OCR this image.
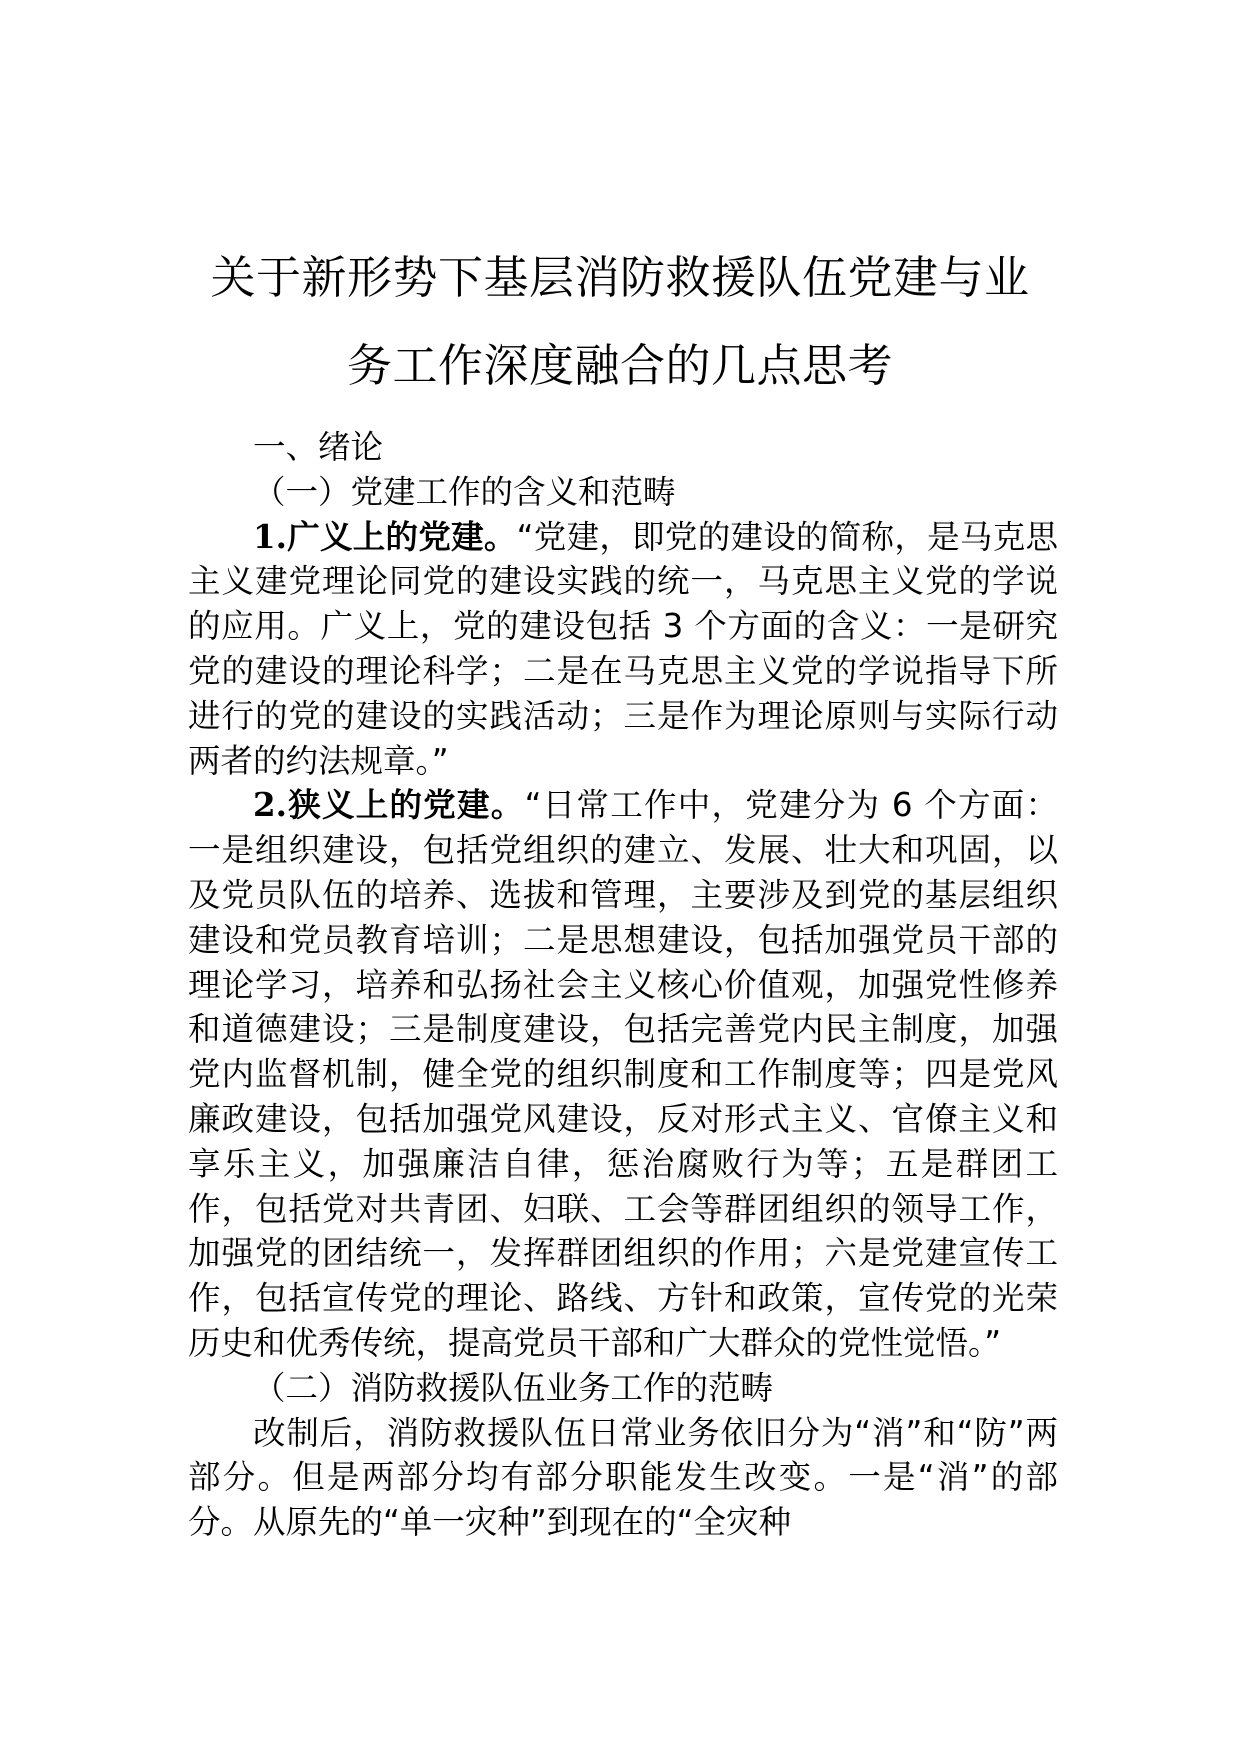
关于新形势下基层消防救援队伍党建与业
务工作深度融合的几点思考

一、绪论

（一）党建工作的含义和范畴

1.广义上的党建。“党建，即党的建设的简称，是马克思主义建党理论同党的建设实践的统一，马克思主义党的学说的应用。广义上，党的建设包括 3 个方面的含义：一是研究党的建设的理论科学；二是在马克思主义党的学说指导下所进行的党的建设的实践活动；三是作为理论原则与实际行动两者的约法规章。”

2.狭义上的党建。“日常工作中，党建分为 6 个方面：一是组织建设，包括党组织的建立、发展、壮大和巩固，以及党员队伍的培养、选拔和管理，主要涉及到党的基层组织建设和党员教育培训；二是思想建设，包括加强党员干部的理论学习，培养和弘扬社会主义核心价值观，加强党性修养和道德建设；三是制度建设，包括完善党内民主制度，加强党内监督机制，健全党的组织制度和工作制度等；四是党风廉政建设，包括加强党风建设，反对形式主义、官僚主义和享乐主义，加强廉洁自律，惩治腐败行为等；五是群团工作，包括党对共青团、妇联、工会等群团组织的领导工作，加强党的团结统一，发挥群团组织的作用；六是党建宣传工作，包括宣传党的理论、路线、方针和政策，宣传党的光荣历史和优秀传统，提高党员干部和广大群众的党性觉悟。”

（二）消防救援队伍业务工作的范畴

改制后，消防救援队伍日常业务依旧分为“消”和“防”两部分。但是两部分均有部分职能发生改变。一是“消”的部分。从原先的“单一灾种”到现在的“全灾种
